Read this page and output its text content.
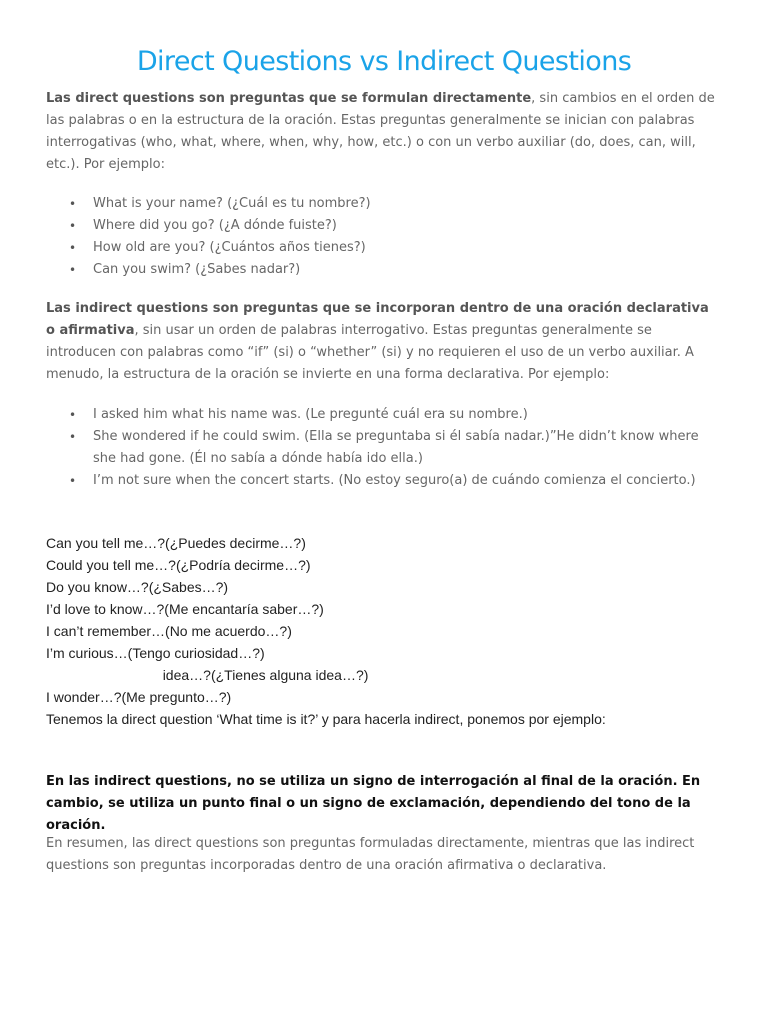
Direct Questions vs Indirect Questions

Las direct questions son preguntas que se formulan directamente, sin cambios en el orden de las palabras o en la estructura de la oración. Estas preguntas generalmente se inician con palabras interrogativas (who, what, where, when, why, how, etc.) o con un verbo auxiliar (do, does, can, will, etc.). Por ejemplo:

• What is your name? (¿Cuál es tu nombre?)
• Where did you go? (¿A dónde fuiste?)
• How old are you? (¿Cuántos años tienes?)
• Can you swim? (¿Sabes nadar?)

Las indirect questions son preguntas que se incorporan dentro de una oración declarativa o afirmativa, sin usar un orden de palabras interrogativo. Estas preguntas generalmente se introducen con palabras como “if” (si) o “whether” (si) y no requieren el uso de un verbo auxiliar. A menudo, la estructura de la oración se invierte en una forma declarativa. Por ejemplo:

• I asked him what his name was. (Le pregunté cuál era su nombre.)
• She wondered if he could swim. (Ella se preguntaba si él sabía nadar.)”He didn’t know where she had gone. (Él no sabía a dónde había ido ella.)
• I’m not sure when the concert starts. (No estoy seguro(a) de cuándo comienza el concierto.)
Can you tell me…?(¿Puedes decirme…?)
Could you tell me…?(¿Podría decirme…?)
Do you know…?(¿Sabes…?)
I’d love to know…?(Me encantaría saber…?)
I can’t remember…(No me acuerdo…?)
I’m curious…(Tengo curiosidad…?)
idea…?(¿Tienes alguna idea…?)
I wonder…?(Me pregunto…?)
Tenemos la direct question ‘What time is it?’ y para hacerla indirect, ponemos por ejemplo:

En las indirect questions, no se utiliza un signo de interrogación al final de la oración. En cambio, se utiliza un punto final o un signo de exclamación, dependiendo del tono de la oración.

En resumen, las direct questions son preguntas formuladas directamente, mientras que las indirect questions son preguntas incorporadas dentro de una oración afirmativa o declarativa.
